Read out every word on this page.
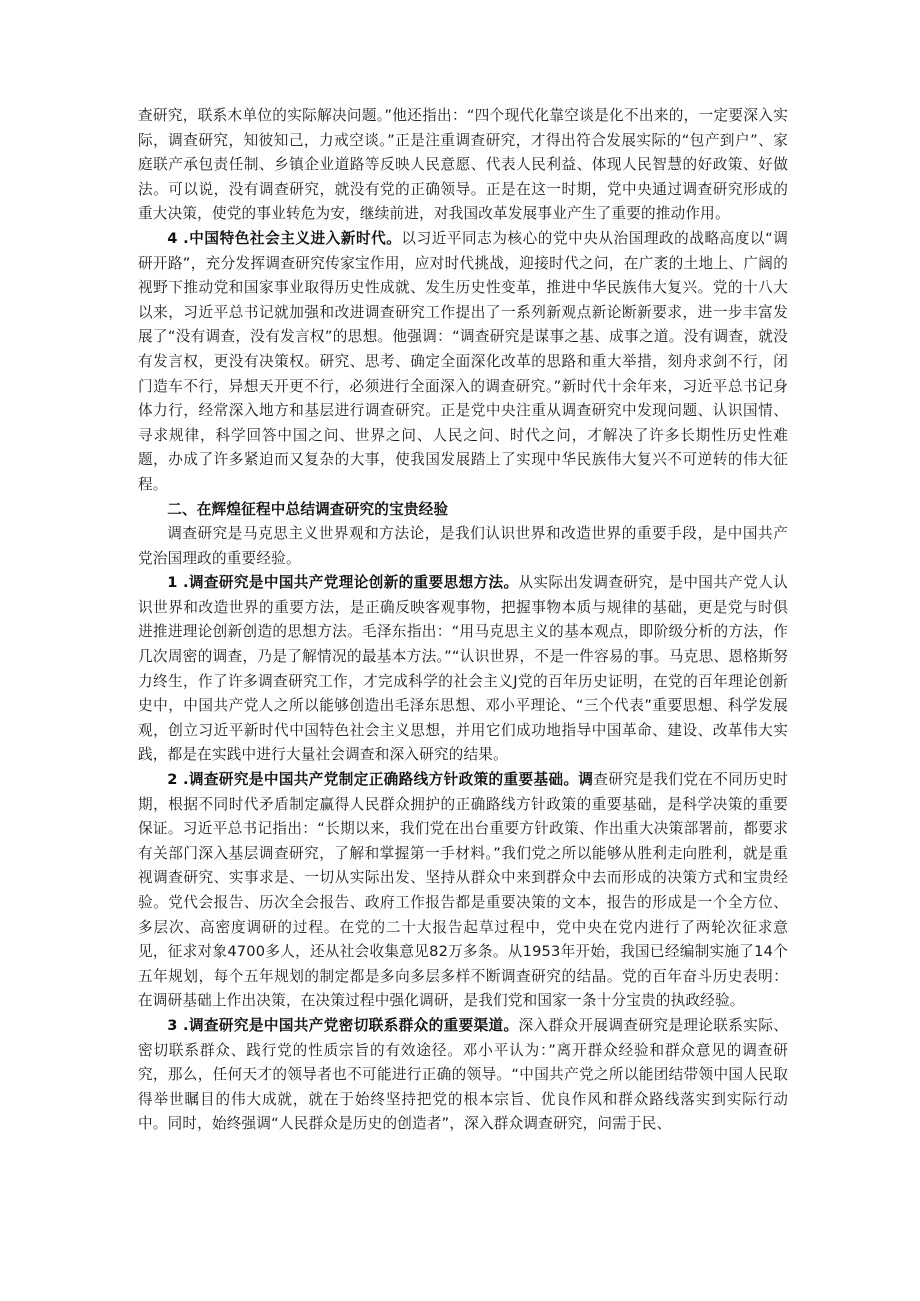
查研究，联系木单位的实际解决问题。”他还指出：“四个现代化靠空谈是化不出来的，一定要深入实际，调查研究，知彼知己，力戒空谈。”正是注重调查研究，才得出符合发展实际的“包产到户”、家庭联产承包责任制、乡镇企业道路等反映人民意愿、代表人民利益、体现人民智慧的好政策、好做法。可以说，没有调查研究，就没有党的正确领导。正是在这一时期，党中央通过调查研究形成的重大决策，使党的事业转危为安，继续前进，对我国改革发展事业产生了重要的推动作用。

4 .中国特色社会主义进入新时代。以习近平同志为核心的党中央从治国理政的战略高度以“调研开路”，充分发挥调查研究传家宝作用，应对时代挑战，迎接时代之问，在广袤的土地上、广阔的视野下推动党和国家事业取得历史性成就、发生历史性变革，推进中华民族伟大复兴。党的十八大以来，习近平总书记就加强和改进调查研究工作提出了一系列新观点新论断新要求，进一步丰富发展了“没有调查，没有发言权”的思想。他强调：“调查研究是谋事之基、成事之道。没有调查，就没有发言权，更没有决策权。研究、思考、确定全面深化改革的思路和重大举措，刻舟求剑不行，闭门造车不行，异想天开更不行，必须进行全面深入的调查研究。”新时代十余年来，习近平总书记身体力行，经常深入地方和基层进行调查研究。正是党中央注重从调查研究中发现问题、认识国情、寻求规律，科学回答中国之问、世界之问、人民之问、时代之问，才解决了许多长期性历史性难题，办成了许多紧迫而又复杂的大事，使我国发展踏上了实现中华民族伟大复兴不可逆转的伟大征程。

二、在辉煌征程中总结调查研究的宝贵经验

调查研究是马克思主义世界观和方法论，是我们认识世界和改造世界的重要手段，是中国共产党治国理政的重要经验。

1 .调查研究是中国共产党理论创新的重要思想方法。从实际出发调查研究，是中国共产党人认识世界和改造世界的重要方法，是正确反映客观事物，把握事物本质与规律的基础，更是党与时俱进推进理论创新创造的思想方法。毛泽东指出：“用马克思主义的基本观点，即阶级分析的方法，作几次周密的调查，乃是了解情况的最基本方法。”“认识世界，不是一件容易的事。马克思、恩格斯努力终生，作了许多调查研究工作，才完成科学的社会主义J党的百年历史证明，在党的百年理论创新史中，中国共产党人之所以能够创造出毛泽东思想、邓小平理论、“三个代表”重要思想、科学发展观，创立习近平新时代中国特色社会主义思想，并用它们成功地指导中国革命、建设、改革伟大实践，都是在实践中进行大量社会调查和深入研究的结果。

2 .调查研究是中国共产党制定正确路线方针政策的重要基础。调查研究是我们党在不同历史时期，根据不同时代矛盾制定赢得人民群众拥护的正确路线方针政策的重要基础，是科学决策的重要保证。习近平总书记指出：“长期以来，我们党在出台重要方针政策、作出重大决策部署前，都要求有关部门深入基层调查研究，了解和掌握第一手材料。”我们党之所以能够从胜利走向胜利，就是重视调查研究、实事求是、一切从实际出发、坚持从群众中来到群众中去而形成的决策方式和宝贵经验。党代会报告、历次全会报告、政府工作报告都是重要决策的文本，报告的形成是一个全方位、多层次、高密度调研的过程。在党的二十大报告起草过程中，党中央在党内进行了两轮次征求意见，征求对象4700多人，还从社会收集意见82万多条。从1953年开始，我国已经编制实施了14个五年规划，每个五年规划的制定都是多向多层多样不断调查研究的结晶。党的百年奋斗历史表明：在调研基础上作出决策，在决策过程中强化调研，是我们党和国家一条十分宝贵的执政经验。

3 .调查研究是中国共产党密切联系群众的重要渠道。深入群众开展调查研究是理论联系实际、密切联系群众、践行党的性质宗旨的有效途径。邓小平认为：”离开群众经验和群众意见的调查研究，那么，任何天才的领导者也不可能进行正确的领导。“中国共产党之所以能团结带领中国人民取得举世瞩目的伟大成就，就在于始终坚持把党的根本宗旨、优良作风和群众路线落实到实际行动中。同时，始终强调“人民群众是历史的创造者”，深入群众调查研究，问需于民、
